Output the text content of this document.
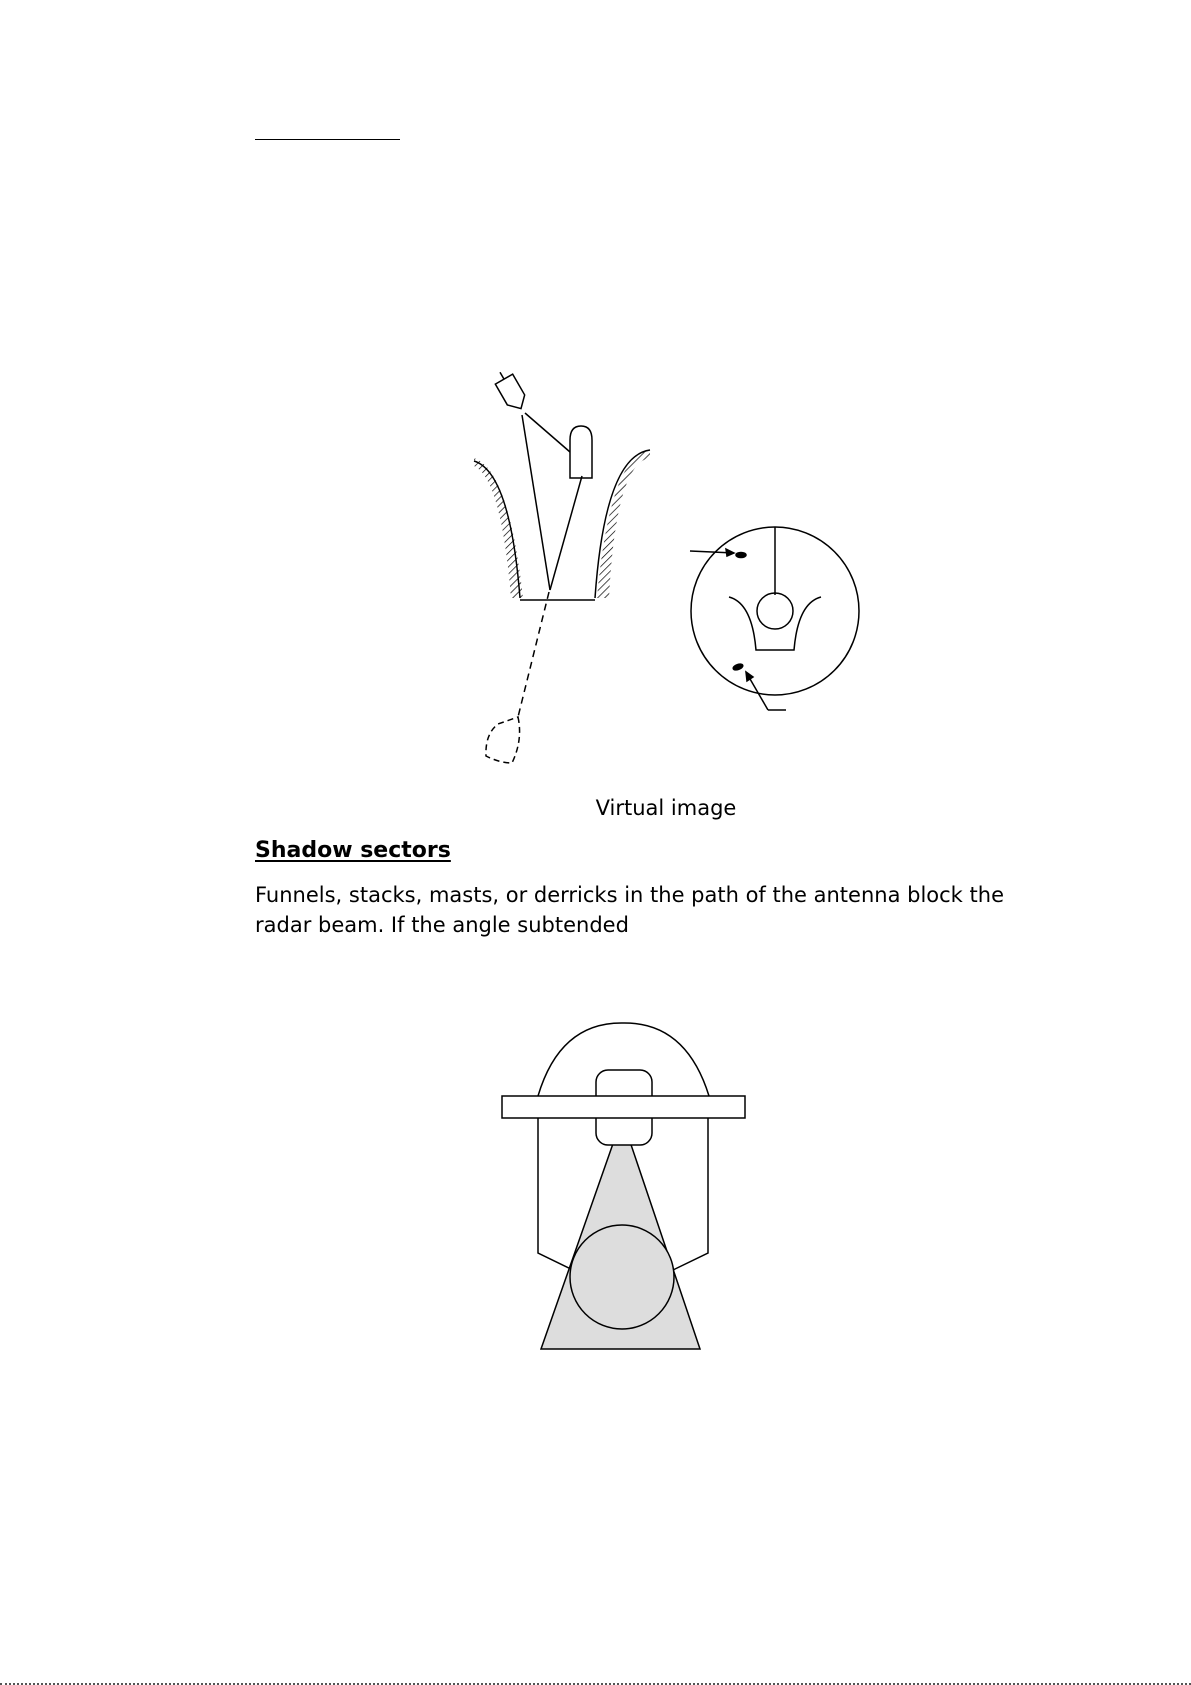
Virtual image
Shadow sectors
Funnels, stacks, masts, or derricks in the path of the antenna block the radar beam. If the angle subtended
